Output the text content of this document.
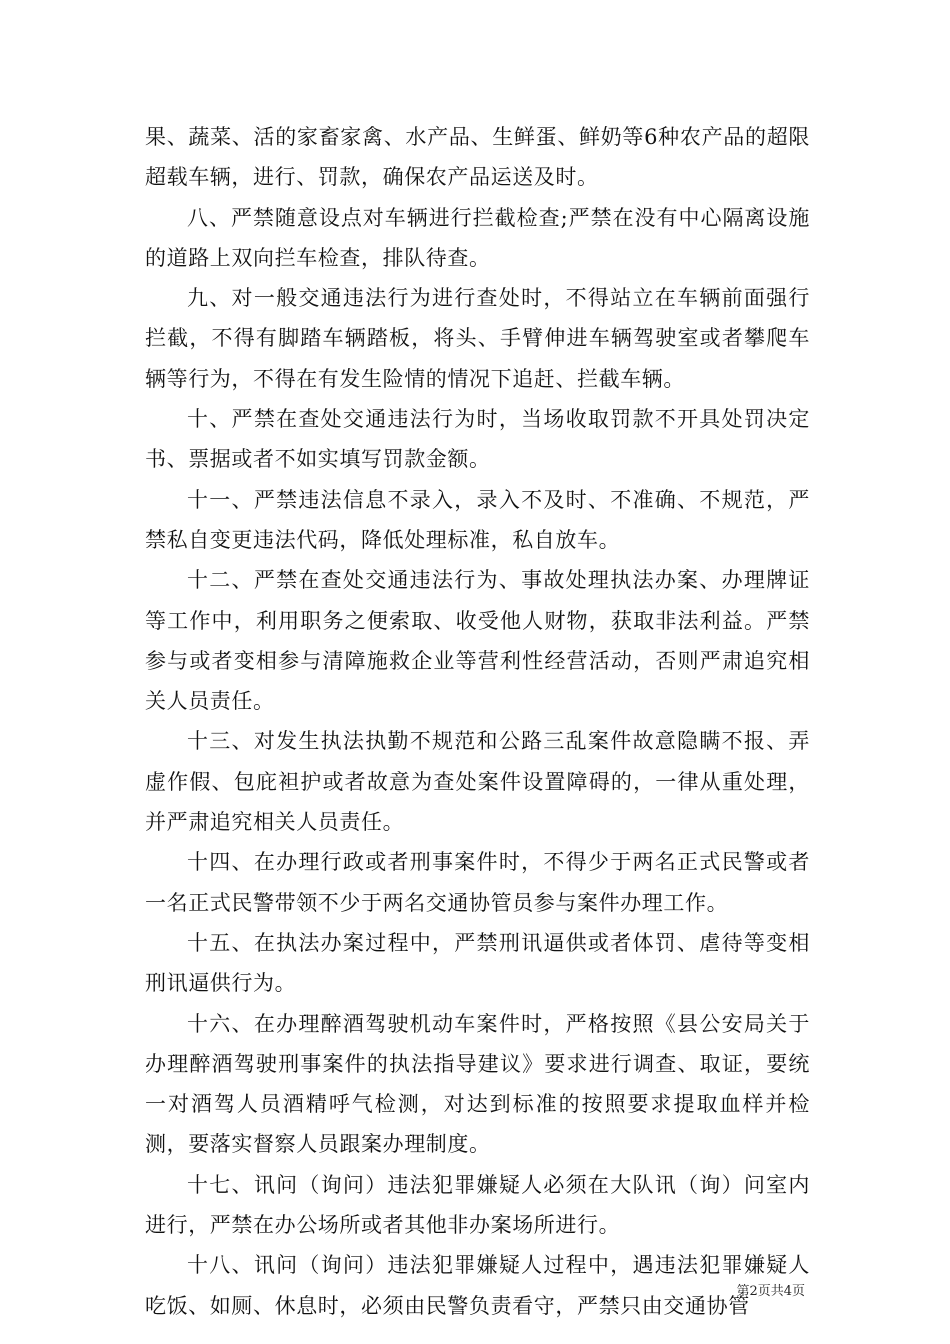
果、蔬菜、活的家畜家禽、水产品、生鲜蛋、鲜奶等6种农产品的超限超载车辆，进行、罚款，确保农产品运送及时。

八、严禁随意设点对车辆进行拦截检查;严禁在没有中心隔离设施的道路上双向拦车检查，排队待查。

九、对一般交通违法行为进行查处时，不得站立在车辆前面强行拦截，不得有脚踏车辆踏板，将头、手臂伸进车辆驾驶室或者攀爬车辆等行为，不得在有发生险情的情况下追赶、拦截车辆。

十、严禁在查处交通违法行为时，当场收取罚款不开具处罚决定书、票据或者不如实填写罚款金额。

十一、严禁违法信息不录入，录入不及时、不准确、不规范，严禁私自变更违法代码，降低处理标准，私自放车。

十二、严禁在查处交通违法行为、事故处理执法办案、办理牌证等工作中，利用职务之便索取、收受他人财物，获取非法利益。严禁参与或者变相参与清障施救企业等营利性经营活动，否则严肃追究相关人员责任。

十三、对发生执法执勤不规范和公路三乱案件故意隐瞒不报、弄虚作假、包庇袒护或者故意为查处案件设置障碍的，一律从重处理，并严肃追究相关人员责任。

十四、在办理行政或者刑事案件时，不得少于两名正式民警或者一名正式民警带领不少于两名交通协管员参与案件办理工作。

十五、在执法办案过程中，严禁刑讯逼供或者体罚、虐待等变相刑讯逼供行为。

十六、在办理醉酒驾驶机动车案件时，严格按照《县公安局关于办理醉酒驾驶刑事案件的执法指导建议》要求进行调查、取证，要统一对酒驾人员酒精呼气检测，对达到标准的按照要求提取血样并检测，要落实督察人员跟案办理制度。

十七、讯问（询问）违法犯罪嫌疑人必须在大队讯（询）问室内进行，严禁在办公场所或者其他非办案场所进行。

十八、讯问（询问）违法犯罪嫌疑人过程中，遇违法犯罪嫌疑人吃饭、如厕、休息时，必须由民警负责看守，严禁只由交通协管

第2页共4页
